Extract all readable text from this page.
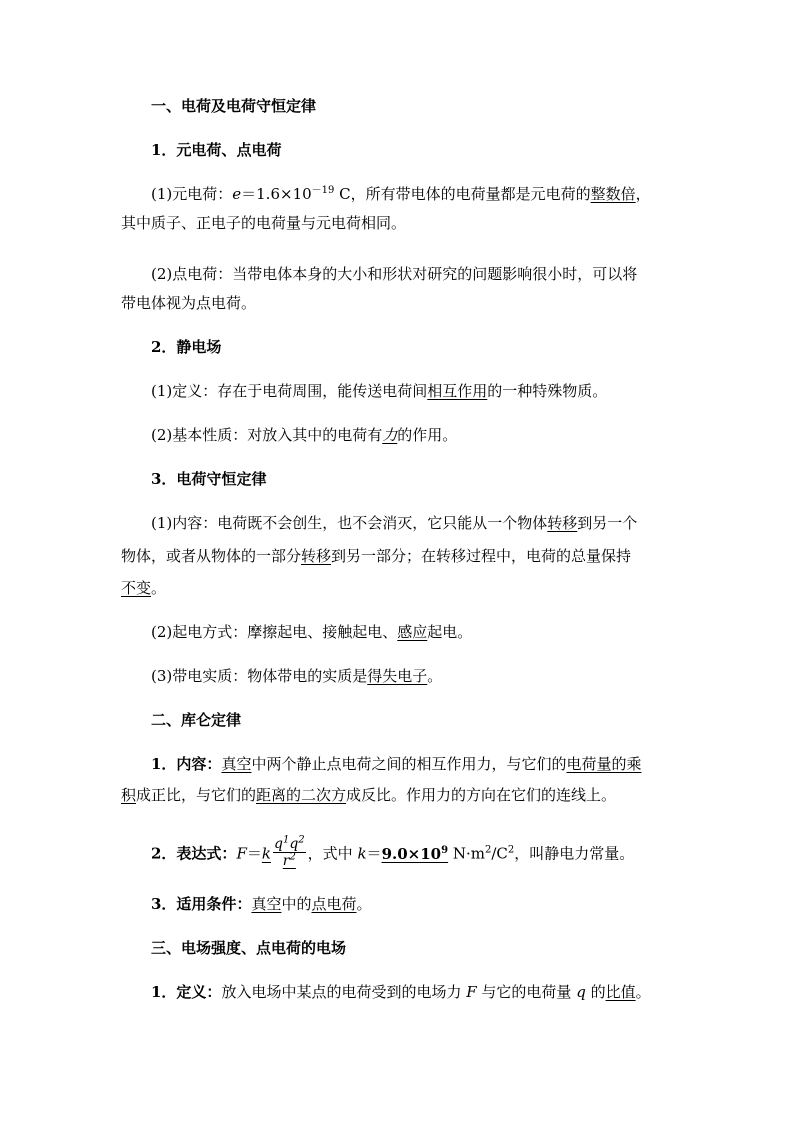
一、电荷及电荷守恒定律
1．元电荷、点电荷
(1)元电荷：$e=1.6\times 10^{-19}$ C，所有带电体的电荷量都是元电荷的整数倍，
其中质子、正电子的电荷量与元电荷相同。
(2)点电荷：当带电体本身的大小和形状对研究的问题影响很小时，可以将
带电体视为点电荷。
2．静电场
(1)定义：存在于电荷周围，能传送电荷间相互作用的一种特殊物质。
(2)基本性质：对放入其中的电荷有力的作用。
3．电荷守恒定律
(1)内容：电荷既不会创生，也不会消灭，它只能从一个物体转移到另一个
物体，或者从物体的一部分转移到另一部分；在转移过程中，电荷的总量保持
不变。
(2)起电方式：摩擦起电、接触起电、感应起电。
(3)带电实质：物体带电的实质是得失电子。
二、库仑定律
1．内容：真空中两个静止点电荷之间的相互作用力，与它们的电荷量的乘
积成正比，与它们的距离的二次方成反比。作用力的方向在它们的连线上。
2．表达式：$F=k \frac{q^1q^2}{r^2}$ ，式中 $k=9.0\times 10^9$ $N\cdot m^2/C^2$，叫静电力常量。
3．适用条件：真空中的点电荷。
三、电场强度、点电荷的电场
1．定义：放入电场中某点的电荷受到的电场力 F 与它的电荷量 q 的比值。
